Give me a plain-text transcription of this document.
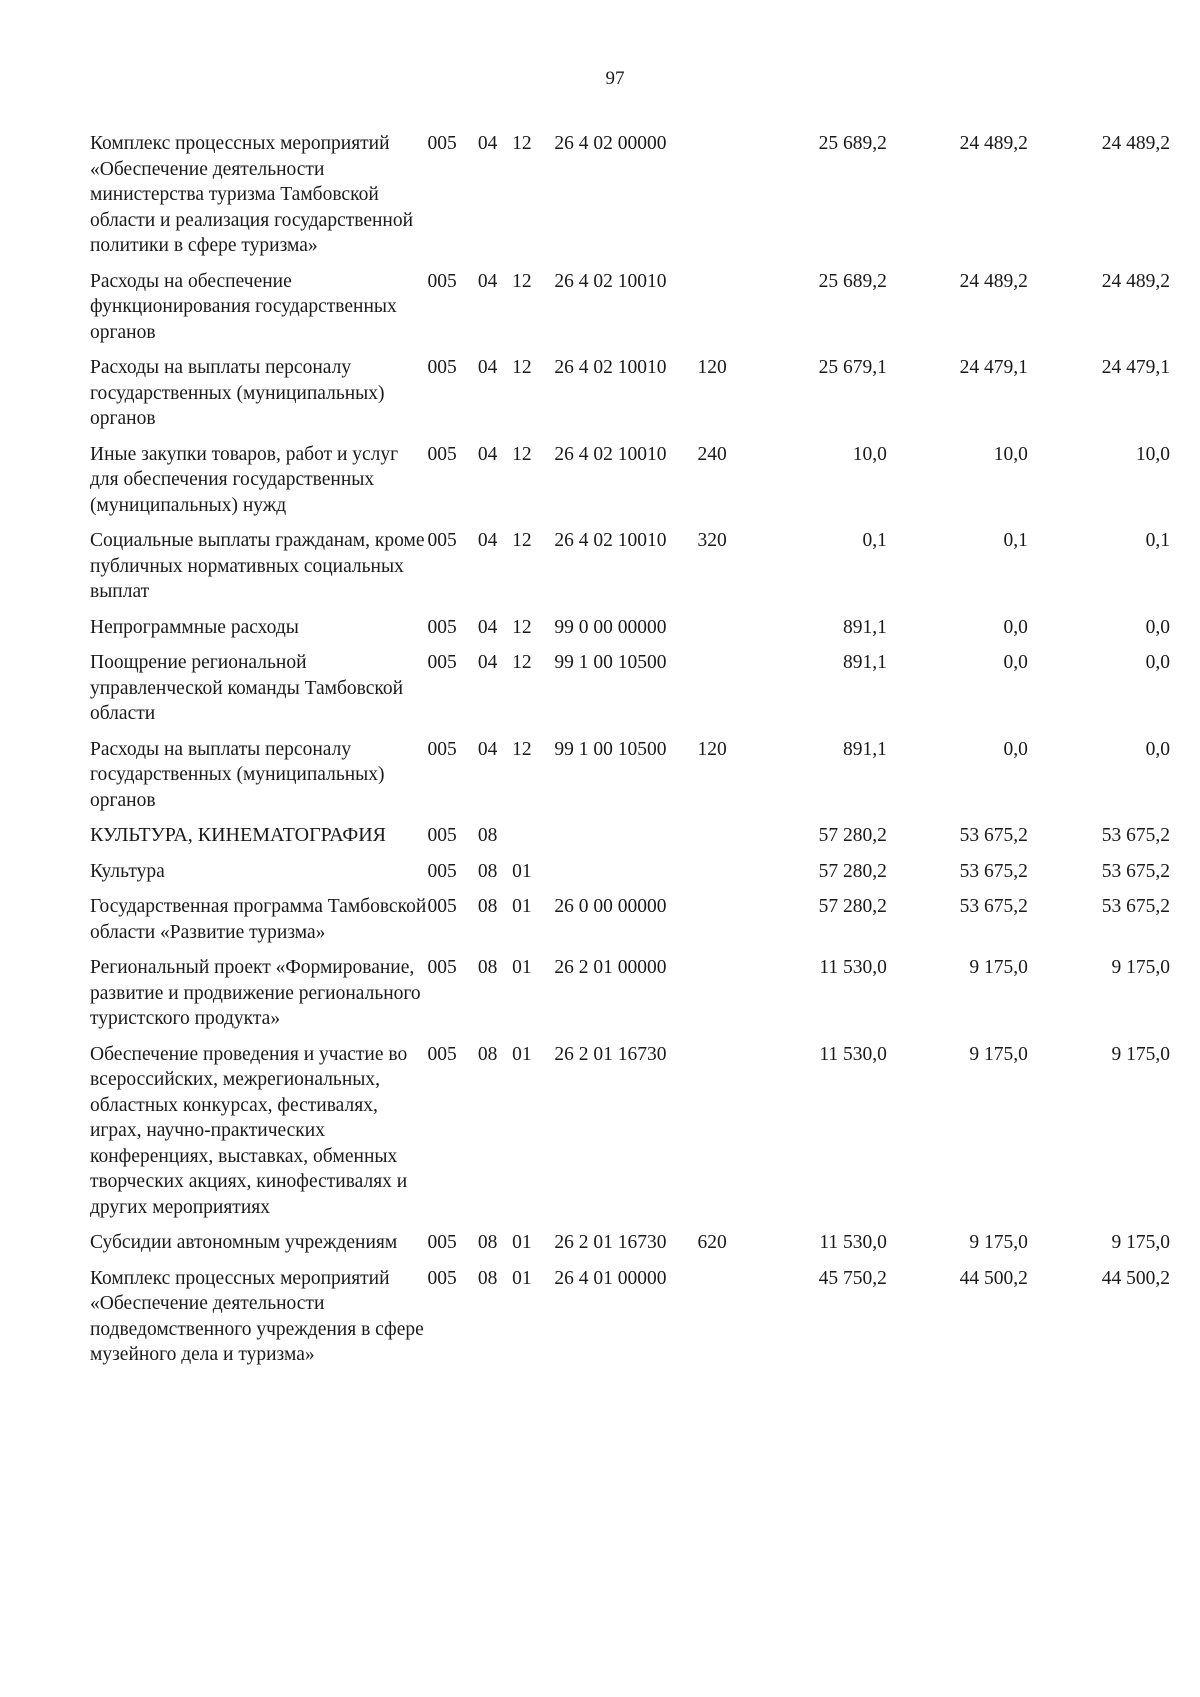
97
Комплекс процессных мероприятий «Обеспечение деятельности министерства туризма Тамбовской области и реализация государственной политики в сфере туризма»	005	04	12	26 4 02 00000		25 689,2	24 489,2	24 489,2
Расходы на обеспечение функционирования государственных органов	005	04	12	26 4 02 10010		25 689,2	24 489,2	24 489,2
Расходы на выплаты персоналу государственных (муниципальных) органов	005	04	12	26 4 02 10010	120	25 679,1	24 479,1	24 479,1
Иные закупки товаров, работ и услуг для обеспечения государственных (муниципальных) нужд	005	04	12	26 4 02 10010	240	10,0	10,0	10,0
Социальные выплаты гражданам, кроме публичных нормативных социальных выплат	005	04	12	26 4 02 10010	320	0,1	0,1	0,1
Непрограммные расходы	005	04	12	99 0 00 00000		891,1	0,0	0,0
Поощрение региональной управленческой команды Тамбовской области	005	04	12	99 1 00 10500		891,1	0,0	0,0
Расходы на выплаты персоналу государственных (муниципальных) органов	005	04	12	99 1 00 10500	120	891,1	0,0	0,0
КУЛЬТУРА, КИНЕМАТОГРАФИЯ	005	08				57 280,2	53 675,2	53 675,2
Культура	005	08	01			57 280,2	53 675,2	53 675,2
Государственная программа Тамбовской области «Развитие туризма»	005	08	01	26 0 00 00000		57 280,2	53 675,2	53 675,2
Региональный проект «Формирование, развитие и продвижение регионального туристского продукта»	005	08	01	26 2 01 00000		11 530,0	9 175,0	9 175,0
Обеспечение проведения и участие во всероссийских, межрегиональных, областных конкурсах, фестивалях, играх, научно-практических конференциях, выставках, обменных творческих акциях, кинофестивалях и других мероприятиях	005	08	01	26 2 01 16730		11 530,0	9 175,0	9 175,0
Субсидии автономным учреждениям	005	08	01	26 2 01 16730	620	11 530,0	9 175,0	9 175,0
Комплекс процессных мероприятий «Обеспечение деятельности подведомственного учреждения в сфере музейного дела и туризма»	005	08	01	26 4 01 00000		45 750,2	44 500,2	44 500,2
